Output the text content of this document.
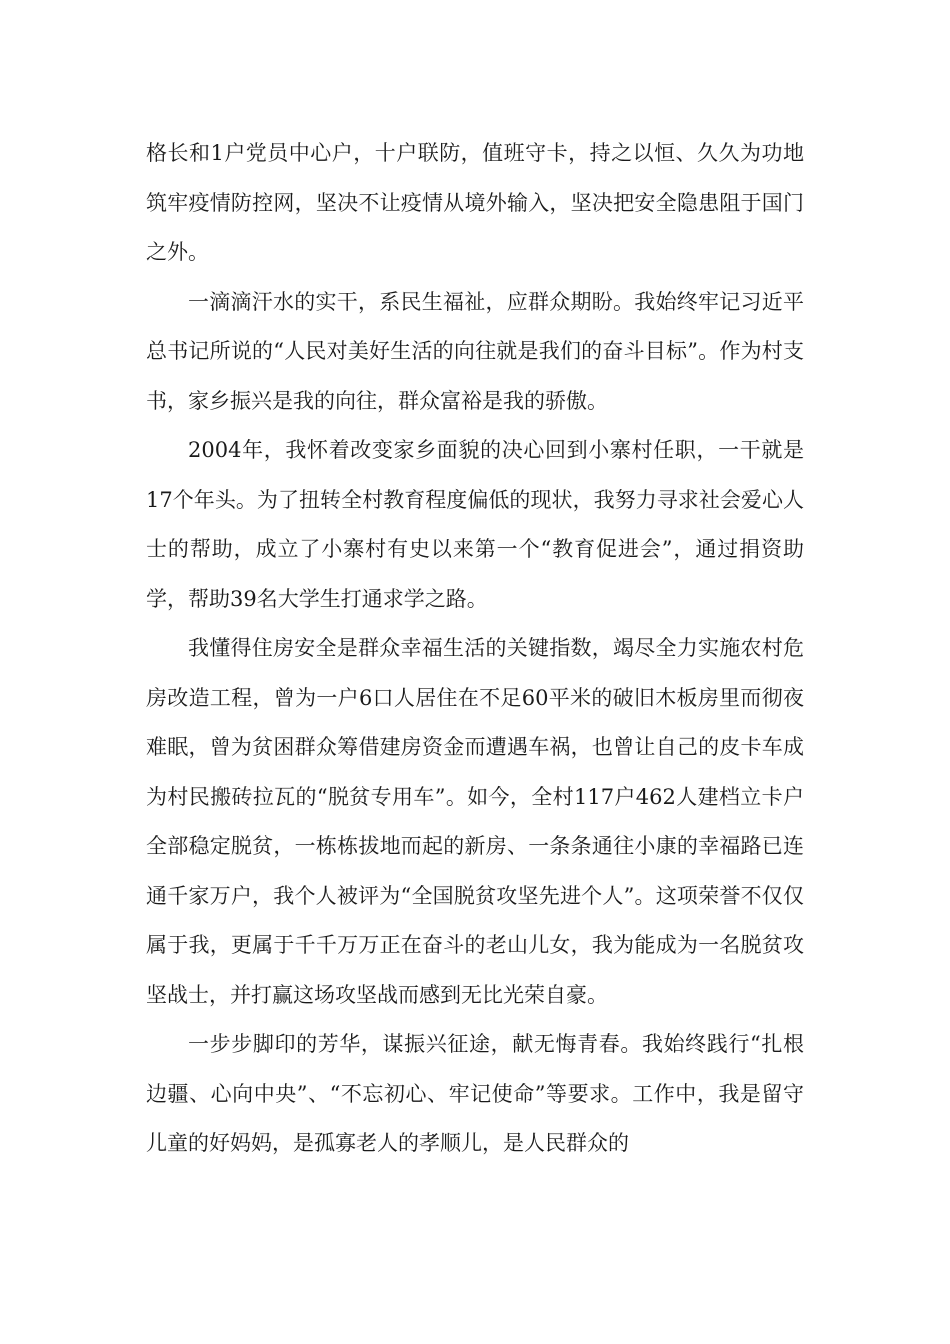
格长和1户党员中心户，十户联防，值班守卡，持之以恒、久久为功地筑牢疫情防控网，坚决不让疫情从境外输入，坚决把安全隐患阻于国门之外。

一滴滴汗水的实干，系民生福祉，应群众期盼。我始终牢记习近平总书记所说的“人民对美好生活的向往就是我们的奋斗目标”。作为村支书，家乡振兴是我的向往，群众富裕是我的骄傲。

2004年，我怀着改变家乡面貌的决心回到小寨村任职，一干就是17个年头。为了扭转全村教育程度偏低的现状，我努力寻求社会爱心人士的帮助，成立了小寨村有史以来第一个“教育促进会”，通过捐资助学，帮助39名大学生打通求学之路。

我懂得住房安全是群众幸福生活的关键指数，竭尽全力实施农村危房改造工程，曾为一户6口人居住在不足60平米的破旧木板房里而彻夜难眠，曾为贫困群众筹借建房资金而遭遇车祸，也曾让自己的皮卡车成为村民搬砖拉瓦的“脱贫专用车”。如今，全村117户462人建档立卡户全部稳定脱贫，一栋栋拔地而起的新房、一条条通往小康的幸福路已连通千家万户，我个人被评为“全国脱贫攻坚先进个人”。这项荣誉不仅仅属于我，更属于千千万万正在奋斗的老山儿女，我为能成为一名脱贫攻坚战士，并打赢这场攻坚战而感到无比光荣自豪。

一步步脚印的芳华，谋振兴征途，献无悔青春。我始终践行“扎根边疆、心向中央”、“不忘初心、牢记使命”等要求。工作中，我是留守儿童的好妈妈，是孤寡老人的孝顺儿，是人民群众的
